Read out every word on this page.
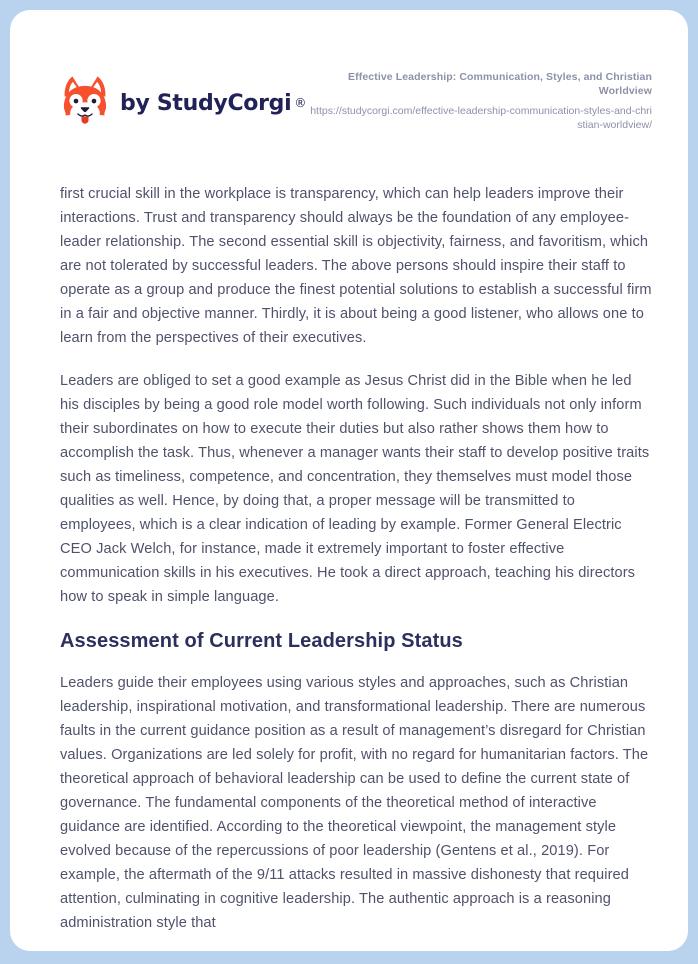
by StudyCorgi ®
Effective Leadership: Communication, Styles, and Christian Worldview
https://studycorgi.com/effective-leadership-communication-styles-and-christian-worldview/

first crucial skill in the workplace is transparency, which can help leaders improve their interactions. Trust and transparency should always be the foundation of any employee-leader relationship. The second essential skill is objectivity, fairness, and favoritism, which are not tolerated by successful leaders. The above persons should inspire their staff to operate as a group and produce the finest potential solutions to establish a successful firm in a fair and objective manner. Thirdly, it is about being a good listener, who allows one to learn from the perspectives of their executives.

Leaders are obliged to set a good example as Jesus Christ did in the Bible when he led his disciples by being a good role model worth following. Such individuals not only inform their subordinates on how to execute their duties but also rather shows them how to accomplish the task. Thus, whenever a manager wants their staff to develop positive traits such as timeliness, competence, and concentration, they themselves must model those qualities as well. Hence, by doing that, a proper message will be transmitted to employees, which is a clear indication of leading by example. Former General Electric CEO Jack Welch, for instance, made it extremely important to foster effective communication skills in his executives. He took a direct approach, teaching his directors how to speak in simple language.

Assessment of Current Leadership Status

Leaders guide their employees using various styles and approaches, such as Christian leadership, inspirational motivation, and transformational leadership. There are numerous faults in the current guidance position as a result of management’s disregard for Christian values. Organizations are led solely for profit, with no regard for humanitarian factors. The theoretical approach of behavioral leadership can be used to define the current state of governance. The fundamental components of the theoretical method of interactive guidance are identified. According to the theoretical viewpoint, the management style evolved because of the repercussions of poor leadership (Gentens et al., 2019). For example, the aftermath of the 9/11 attacks resulted in massive dishonesty that required attention, culminating in cognitive leadership. The authentic approach is a reasoning administration style that
